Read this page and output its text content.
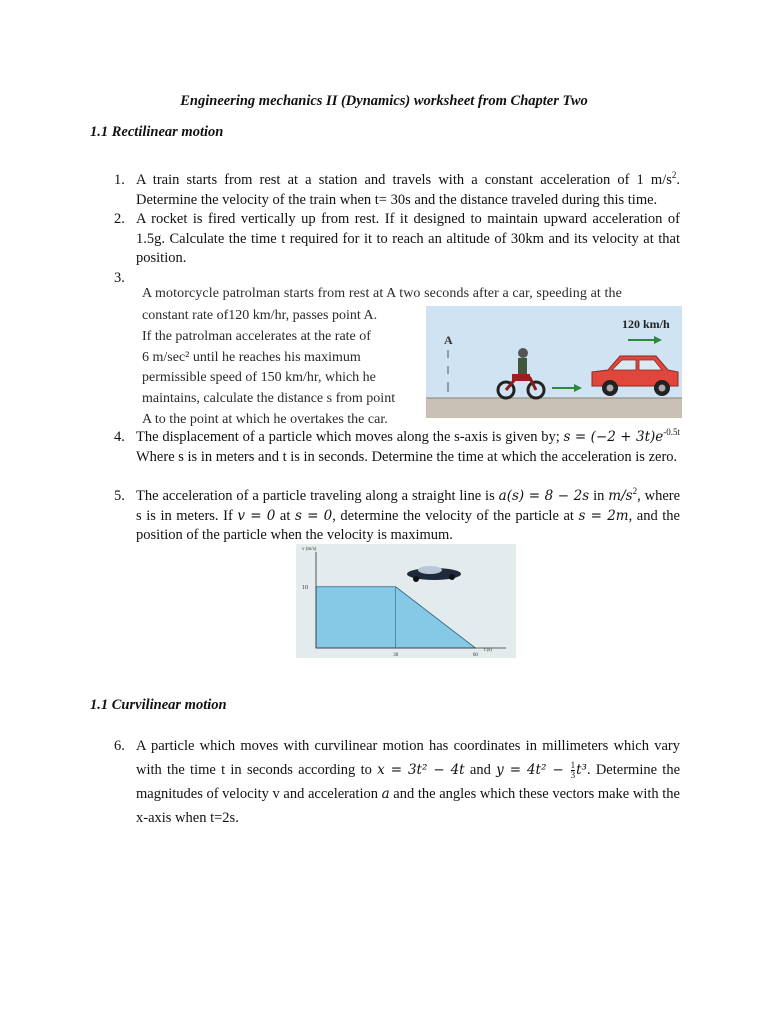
Engineering mechanics II (Dynamics) worksheet from Chapter Two
1.1 Rectilinear motion
1. A train starts from rest at a station and travels with a constant acceleration of 1 $m/s^2$. Determine the velocity of the train when t= 30s and the distance traveled during this time.
2. A rocket is fired vertically up from rest. If it designed to maintain upward acceleration of 1.5g. Calculate the time t required for it to reach an altitude of 30km and its velocity at that position.
3.
A motorcycle patrolman starts from rest at A two seconds after a car, speeding at the
constant rate of120 km/hr, passes point A.
If the patrolman accelerates at the rate of
6 m/sec² until he reaches his maximum
permissible speed of 150 km/hr, which he
maintains, calculate the distance s from point
A to the point at which he overtakes the car.
A
120 km/h
4. The displacement of a particle which moves along the s-axis is given by; $s = (-2 + 3t)e^{-0.5t}$ Where s is in meters and t is in seconds. Determine the time at which the acceleration is zero.
5. The acceleration of a particle traveling along a straight line is a(s) = 8 − 2s in $m/s^2$, where s is in meters. If v = 0 at s = 0, determine the velocity of the particle at s = 2m, and the position of the particle when the velocity is maximum.
v (m/s)
t (s)
10
30	60
1.1 Curvilinear motion
6. A particle which moves with curvilinear motion has coordinates in millimeters which vary with the time t in seconds according to x = 3t² − 4t and $y = 4t^2 - \frac{1}{3} t^3$. Determine the magnitudes of velocity v and acceleration a and the angles which these vectors make with the x-axis when t=2s.
